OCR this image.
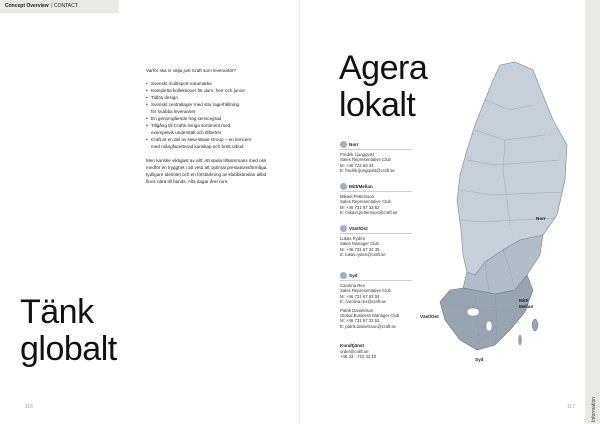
Concept Overview | CONTACT
Varför ska ni välja just Craft som leverantör?
• Svenskt multisport-varumärke
• Kompletta kollektioner för dam, herr och junior
• Tidlös design
• Svenskt centrallager med stor lagerhållning
för snabba leveranser
• En genomgående hög servicegrad
• Tillgång till Crafts övriga sortiment med
exempelvis underställ och tillbehör
• Craft är en del av New Wave Group – en koncern
med mångfacetterad kunskap och brett utbud

Men kanske viktigast av allt: Att spela tillsammans med oss medför en trygghet i att veta att optimal prestationsförmåga, tydligare identitet och en förstärkning av klubbkänslan alltid finns nära till hands. Alla dagar året runt.

Tänk
globalt
116
Agera
lokalt
Norr
Fredrik Ljungqvist
Sales Representative Club
M: +46 722 53 34
E: fredrik.ljungqvist@craft.se
Mitt/Mellan
Mikael Pettersson
Sales Representative Club
M: +46 731 67 33 62
E: mikael.pettersson@craft.se
Väst/Ost
Lukas Rydén
Sales Manager Club
M: +46 731 67 33 35
E: lukas.ryden@craft.se
Syd
Carolina Rex
Sales Representative Club
M: +46 731 67 53 04
E: carolina.rex@craft.se
Patrik Danielsson
Global Business Manager Club
M: +46 731 67 33 51
E: patrik.danielsson@craft.se
Kundtjänst
order@craft.se
+46 33 - 722 32 10
Norr
Mitt/
Mellan
Väst/Ost
Syd
Information
117
